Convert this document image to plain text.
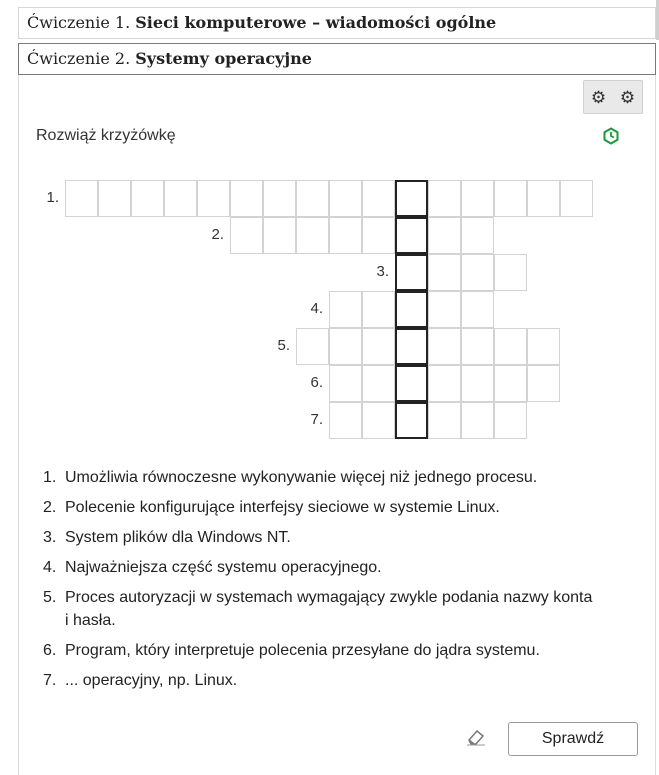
Ćwiczenie 1. Sieci komputerowe – wiadomości ogólne
Ćwiczenie 2. Systemy operacyjne
⚙ ⚙
Rozwiąż krzyżówkę
1.
2.
3.
4.
5.
6.
7.
1. Umożliwia równoczesne wykonywanie więcej niż jednego procesu.
2. Polecenie konfigurujące interfejsy sieciowe w systemie Linux.
3. System plików dla Windows NT.
4. Najważniejsza część systemu operacyjnego.
5. Proces autoryzacji w systemach wymagający zwykle podania nazwy konta i hasła.
6. Program, który interpretuje polecenia przesyłane do jądra systemu.
7. ... operacyjny, np. Linux.
Sprawdź
